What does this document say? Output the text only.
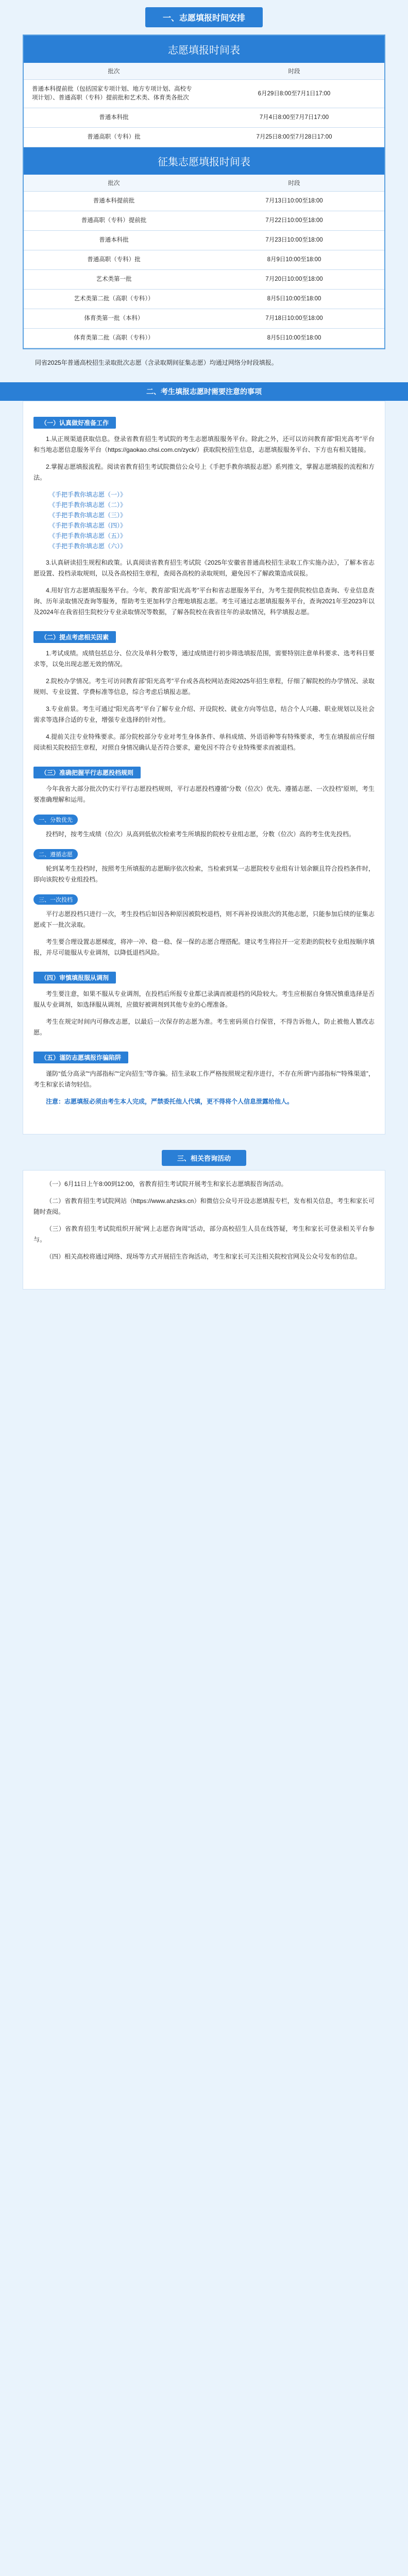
一、志愿填报时间安排
志愿填报时间表
批次	时段
普通本科提前批（包括国家专项计划、地方专项计划、高校专项计划）、普通高职（专科）提前批和艺术类、体育类各批次	6月29日8:00至7月1日17:00
普通本科批	7月4日8:00至7月7日17:00
普通高职（专科）批	7月25日8:00至7月28日17:00
征集志愿填报时间表
批次	时段
普通本科提前批	7月13日10:00至18:00
普通高职（专科）提前批	7月22日10:00至18:00
普通本科批	7月23日10:00至18:00
普通高职（专科）批	8月9日10:00至18:00
艺术类第一批	7月20日10:00至18:00
艺术类第二批（高职（专科））	8月5日10:00至18:00
体育类第一批（本科）	7月18日10:00至18:00
体育类第二批（高职（专科））	8月5日10:00至18:00
同省2025年普通高校招生录取批次志愿（含录取期间征集志愿）均通过网络分时段填报。
二、考生填报志愿时需要注意的事项
（一）认真做好准备工作

1.从正规渠道获取信息。登录省教育招生考试院的考生志愿填报服务平台。除此之外，还可以访问教育部“阳光高考”平台和当地志愿信息服务平台（https://gaokao.chsi.com.cn/zyck/）获取院校招生信息，志愿填报服务平台、下方也有相关链接。

2.掌握志愿填报流程。阅读省教育招生考试院微信公众号上《手把手教你填报志愿》系列推文，掌握志愿填报的流程和方法。

《手把手教你填志愿（一）》
《手把手教你填志愿（二）》
《手把手教你填志愿（三）》
《手把手教你填志愿（四）》
《手把手教你填志愿（五）》
《手把手教你填志愿（六）》

3.认真研读招生规程和政策。认真阅读省教育招生考试院《2025年安徽省普通高校招生录取工作实施办法》，了解本省志愿设置、投档录取规则，以及各高校招生章程，查阅各高校的录取规则，避免因不了解政策造成误报。

4.用好官方志愿填报服务平台。今年，教育部“阳光高考”平台和省志愿服务平台，为考生提供院校信息查询、专业信息查询、历年录取情况查询等服务，帮助考生更加科学合理地填报志愿。考生可通过志愿填报服务平台，查询2021年至2023年以及2024年在我省招生院校分专业录取情况等数据，了解各院校在我省往年的录取情况，科学填报志愿。

（二）提点考虑相关因素

1.考试成绩。成绩包括总分、位次及单科分数等，通过成绩进行初步筛选填报范围，需要特别注意单科要求、选考科目要求等，以免出现志愿无效的情况。

2.院校办学情况。考生可访问教育部“阳光高考”平台或各高校网站查阅2025年招生章程，仔细了解院校的办学情况、录取规则、专业设置、学费标准等信息，综合考虑后填报志愿。

3.专业前景。考生可通过“阳光高考”平台了解专业介绍、开设院校、就业方向等信息，结合个人兴趣、职业规划以及社会需求等选择合适的专业，增强专业选择的针对性。

4.提前关注专业特殊要求。部分院校部分专业对考生身体条件、单科成绩、外语语种等有特殊要求，考生在填报前应仔细阅读相关院校招生章程，对照自身情况确认是否符合要求，避免因不符合专业特殊要求而被退档。

（三）准确把握平行志愿投档规则

今年我省大部分批次仍实行平行志愿投档规则，平行志愿投档遵循“分数（位次）优先、遵循志愿、一次投档”原则，考生要准确理解和运用。

一、分数优先

投档时，按考生成绩（位次）从高到低依次检索考生所填报的院校专业组志愿，分数（位次）高的考生优先投档。

二、遵循志愿

轮到某考生投档时，按照考生所填报的志愿顺序依次检索，当检索到某一志愿院校专业组有计划余额且符合投档条件时，即向该院校专业组投档。

三、一次投档

平行志愿投档只进行一次，考生投档后如因各种原因被院校退档，则不再补投该批次的其他志愿，只能参加后续的征集志愿或下一批次录取。

考生要合理设置志愿梯度，将冲一冲、稳一稳、保一保的志愿合理搭配。建议考生将拉开一定差距的院校专业组按顺序填报，并尽可能服从专业调剂，以降低退档风险。

（四）审慎填报服从调剂

考生要注意，如果不服从专业调剂，在投档后所报专业都已录满而被退档的风险较大。考生应根据自身情况慎重选择是否服从专业调剂，如选择服从调剂，应做好被调剂到其他专业的心理准备。

考生在规定时间内可修改志愿，以最后一次保存的志愿为准。考生密码须自行保管，不得告诉他人，防止被他人篡改志愿。

（五）谨防志愿填报诈骗陷阱

谨防“低分高录”“内部指标”“定向招生”等诈骗。招生录取工作严格按照规定程序进行，不存在所谓“内部指标”“特殊渠道”，考生和家长请勿轻信。

注意：志愿填报必须由考生本人完成，严禁委托他人代填，更不得将个人信息泄露给他人。

三、相关咨询活动

（一）6月11日上午8:00到12:00，省教育招生考试院开展考生和家长志愿填报咨询活动。

（二）省教育招生考试院网站（https://www.ahzsks.cn）和微信公众号开设志愿填报专栏，发布相关信息，考生和家长可随时查阅。

（三）省教育招生考试院组织开展“网上志愿咨询周”活动，部分高校招生人员在线答疑，考生和家长可登录相关平台参与。

（四）相关高校将通过网络、现场等方式开展招生咨询活动，考生和家长可关注相关院校官网及公众号发布的信息。
